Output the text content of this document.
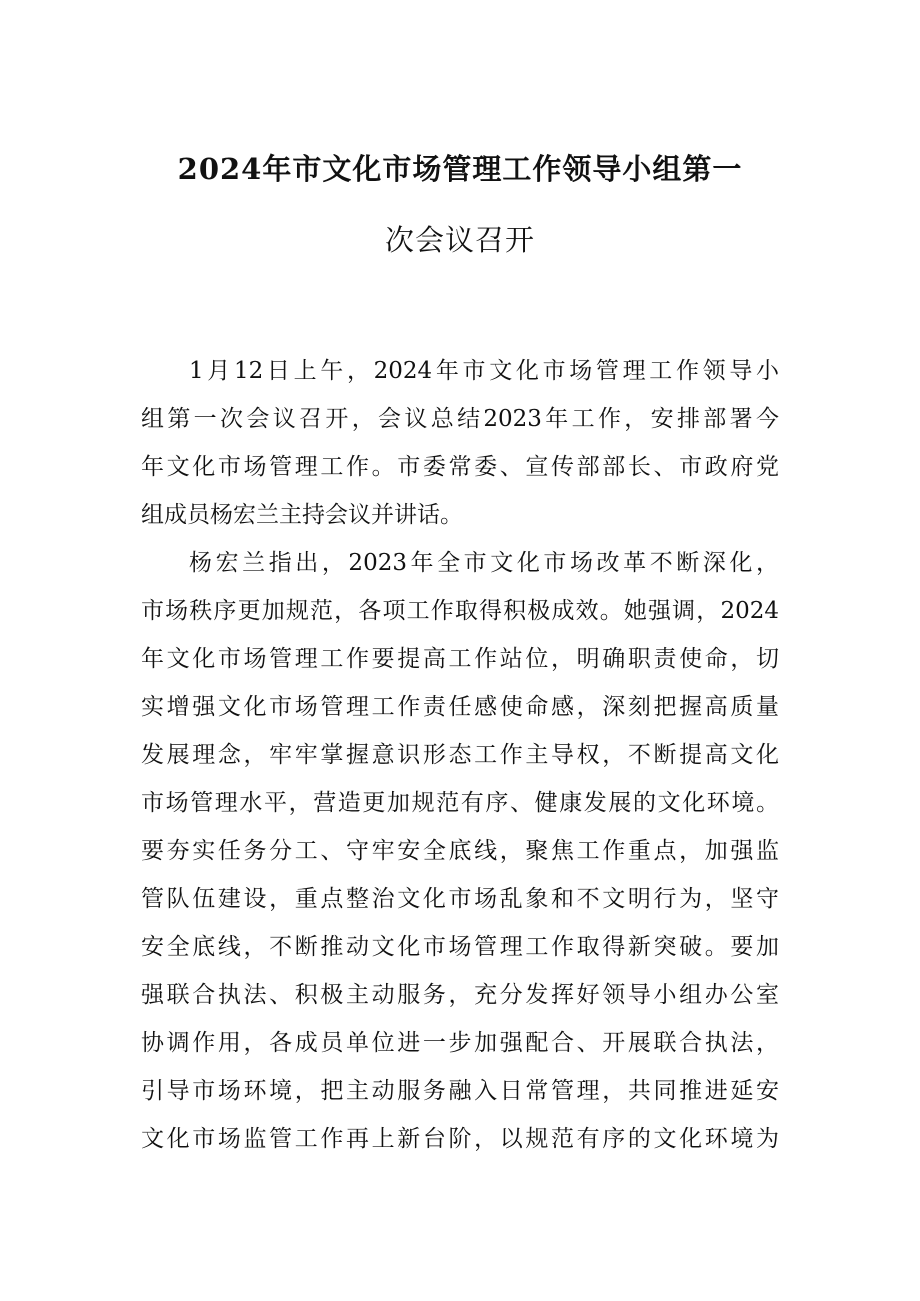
2024年市文化市场管理工作领导小组第一
次会议召开
1月12日上午，2024年市文化市场管理工作领导小
组第一次会议召开，会议总结2023年工作，安排部署今
年文化市场管理工作。市委常委、宣传部部长、市政府党
组成员杨宏兰主持会议并讲话。
杨宏兰指出，2023年全市文化市场改革不断深化，
市场秩序更加规范，各项工作取得积极成效。她强调，2024
年文化市场管理工作要提高工作站位，明确职责使命，切
实增强文化市场管理工作责任感使命感，深刻把握高质量
发展理念，牢牢掌握意识形态工作主导权，不断提高文化
市场管理水平，营造更加规范有序、健康发展的文化环境。
要夯实任务分工、守牢安全底线，聚焦工作重点，加强监
管队伍建设，重点整治文化市场乱象和不文明行为，坚守
安全底线，不断推动文化市场管理工作取得新突破。要加
强联合执法、积极主动服务，充分发挥好领导小组办公室
协调作用，各成员单位进一步加强配合、开展联合执法，
引导市场环境，把主动服务融入日常管理，共同推进延安
文化市场监管工作再上新台阶，以规范有序的文化环境为
